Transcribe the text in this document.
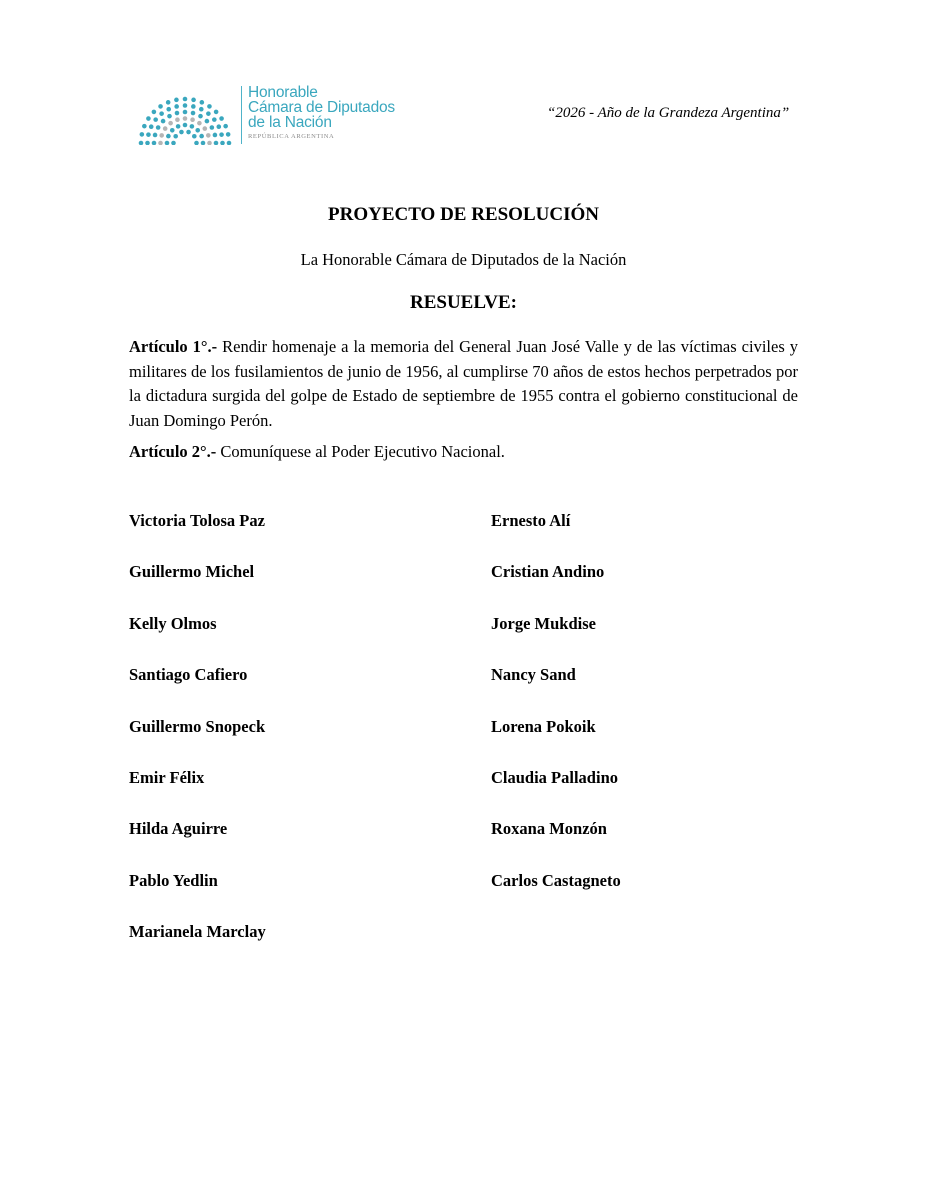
Honorable
Cámara de Diputados
de la Nación
REPÚBLICA ARGENTINA
“2026 - Año de la Grandeza Argentina”
PROYECTO DE RESOLUCIÓN
La Honorable Cámara de Diputados de la Nación
RESUELVE:

Artículo 1°.- Rendir homenaje a la memoria del General Juan José Valle y de las víctimas civiles y militares de los fusilamientos de junio de 1956, al cumplirse 70 años de estos hechos perpetrados por la dictadura surgida del golpe de Estado de septiembre de 1955 contra el gobierno constitucional de Juan Domingo Perón.

Artículo 2°.- Comuníquese al Poder Ejecutivo Nacional.

Victoria Tolosa Paz
Guillermo Michel
Kelly Olmos
Santiago Cafiero
Guillermo Snopeck
Emir Félix
Hilda Aguirre
Pablo Yedlin
Marianela Marclay
Ernesto Alí
Cristian Andino
Jorge Mukdise
Nancy Sand
Lorena Pokoik
Claudia Palladino
Roxana Monzón
Carlos Castagneto
